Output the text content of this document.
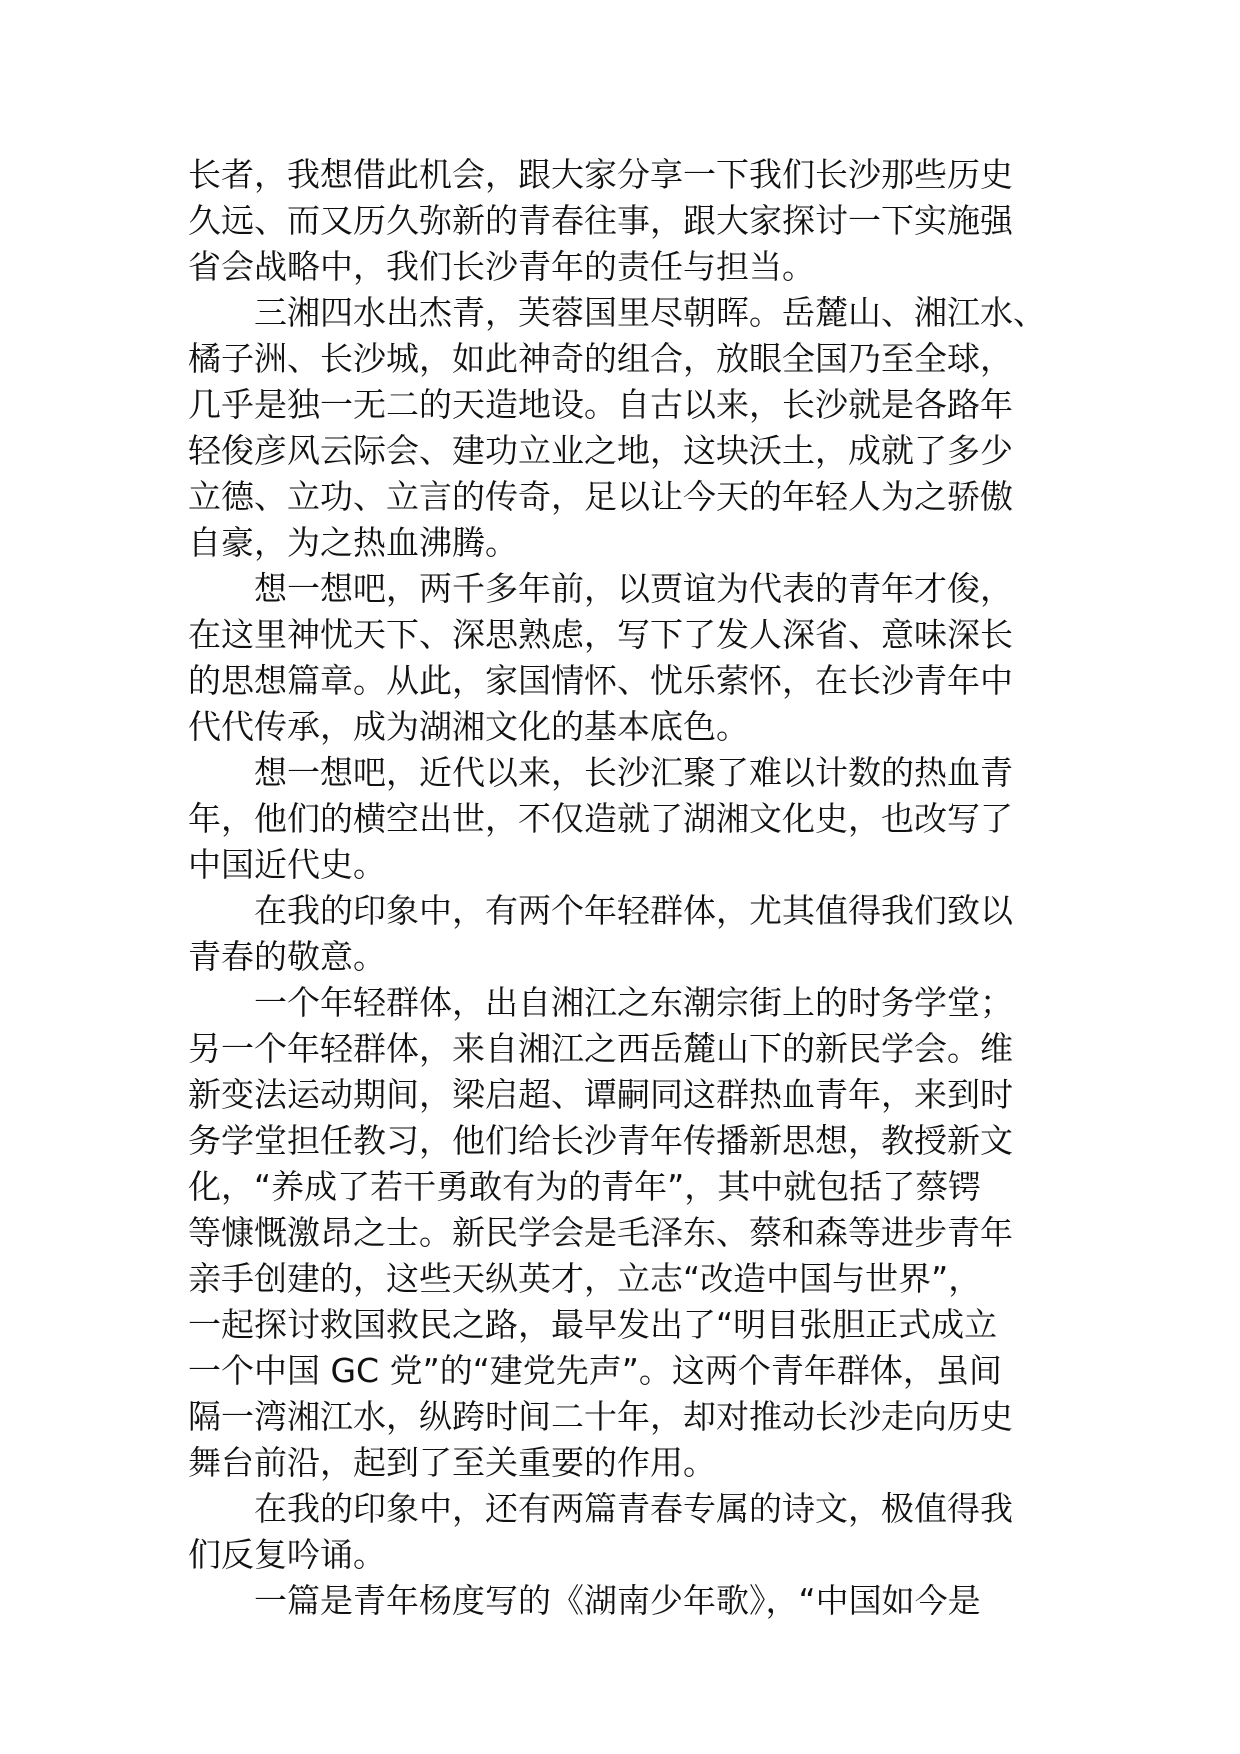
长者，我想借此机会，跟大家分享一下我们长沙那些历史
久远、而又历久弥新的青春往事，跟大家探讨一下实施强
省会战略中，我们长沙青年的责任与担当。

　　三湘四水出杰青，芙蓉国里尽朝晖。岳麓山、湘江水、
橘子洲、长沙城，如此神奇的组合，放眼全国乃至全球，
几乎是独一无二的天造地设。自古以来，长沙就是各路年
轻俊彦风云际会、建功立业之地，这块沃土，成就了多少
立德、立功、立言的传奇，足以让今天的年轻人为之骄傲
自豪，为之热血沸腾。

　　想一想吧，两千多年前，以贾谊为代表的青年才俊，
在这里神忧天下、深思熟虑，写下了发人深省、意味深长
的思想篇章。从此，家国情怀、忧乐萦怀，在长沙青年中
代代传承，成为湖湘文化的基本底色。

　　想一想吧，近代以来，长沙汇聚了难以计数的热血青
年，他们的横空出世，不仅造就了湖湘文化史，也改写了
中国近代史。

　　在我的印象中，有两个年轻群体，尤其值得我们致以
青春的敬意。

　　一个年轻群体，出自湘江之东潮宗街上的时务学堂；
另一个年轻群体，来自湘江之西岳麓山下的新民学会。维
新变法运动期间，梁启超、谭嗣同这群热血青年，来到时
务学堂担任教习，他们给长沙青年传播新思想，教授新文
化，“养成了若干勇敢有为的青年”，其中就包括了蔡锷
等慷慨激昂之士。新民学会是毛泽东、蔡和森等进步青年
亲手创建的，这些天纵英才，立志“改造中国与世界”，
一起探讨救国救民之路，最早发出了“明目张胆正式成立
一个中国 GC 党”的“建党先声”。这两个青年群体，虽间
隔一湾湘江水，纵跨时间二十年，却对推动长沙走向历史
舞台前沿，起到了至关重要的作用。

　　在我的印象中，还有两篇青春专属的诗文，极值得我
们反复吟诵。

　　一篇是青年杨度写的《湖南少年歌》，“中国如今是
